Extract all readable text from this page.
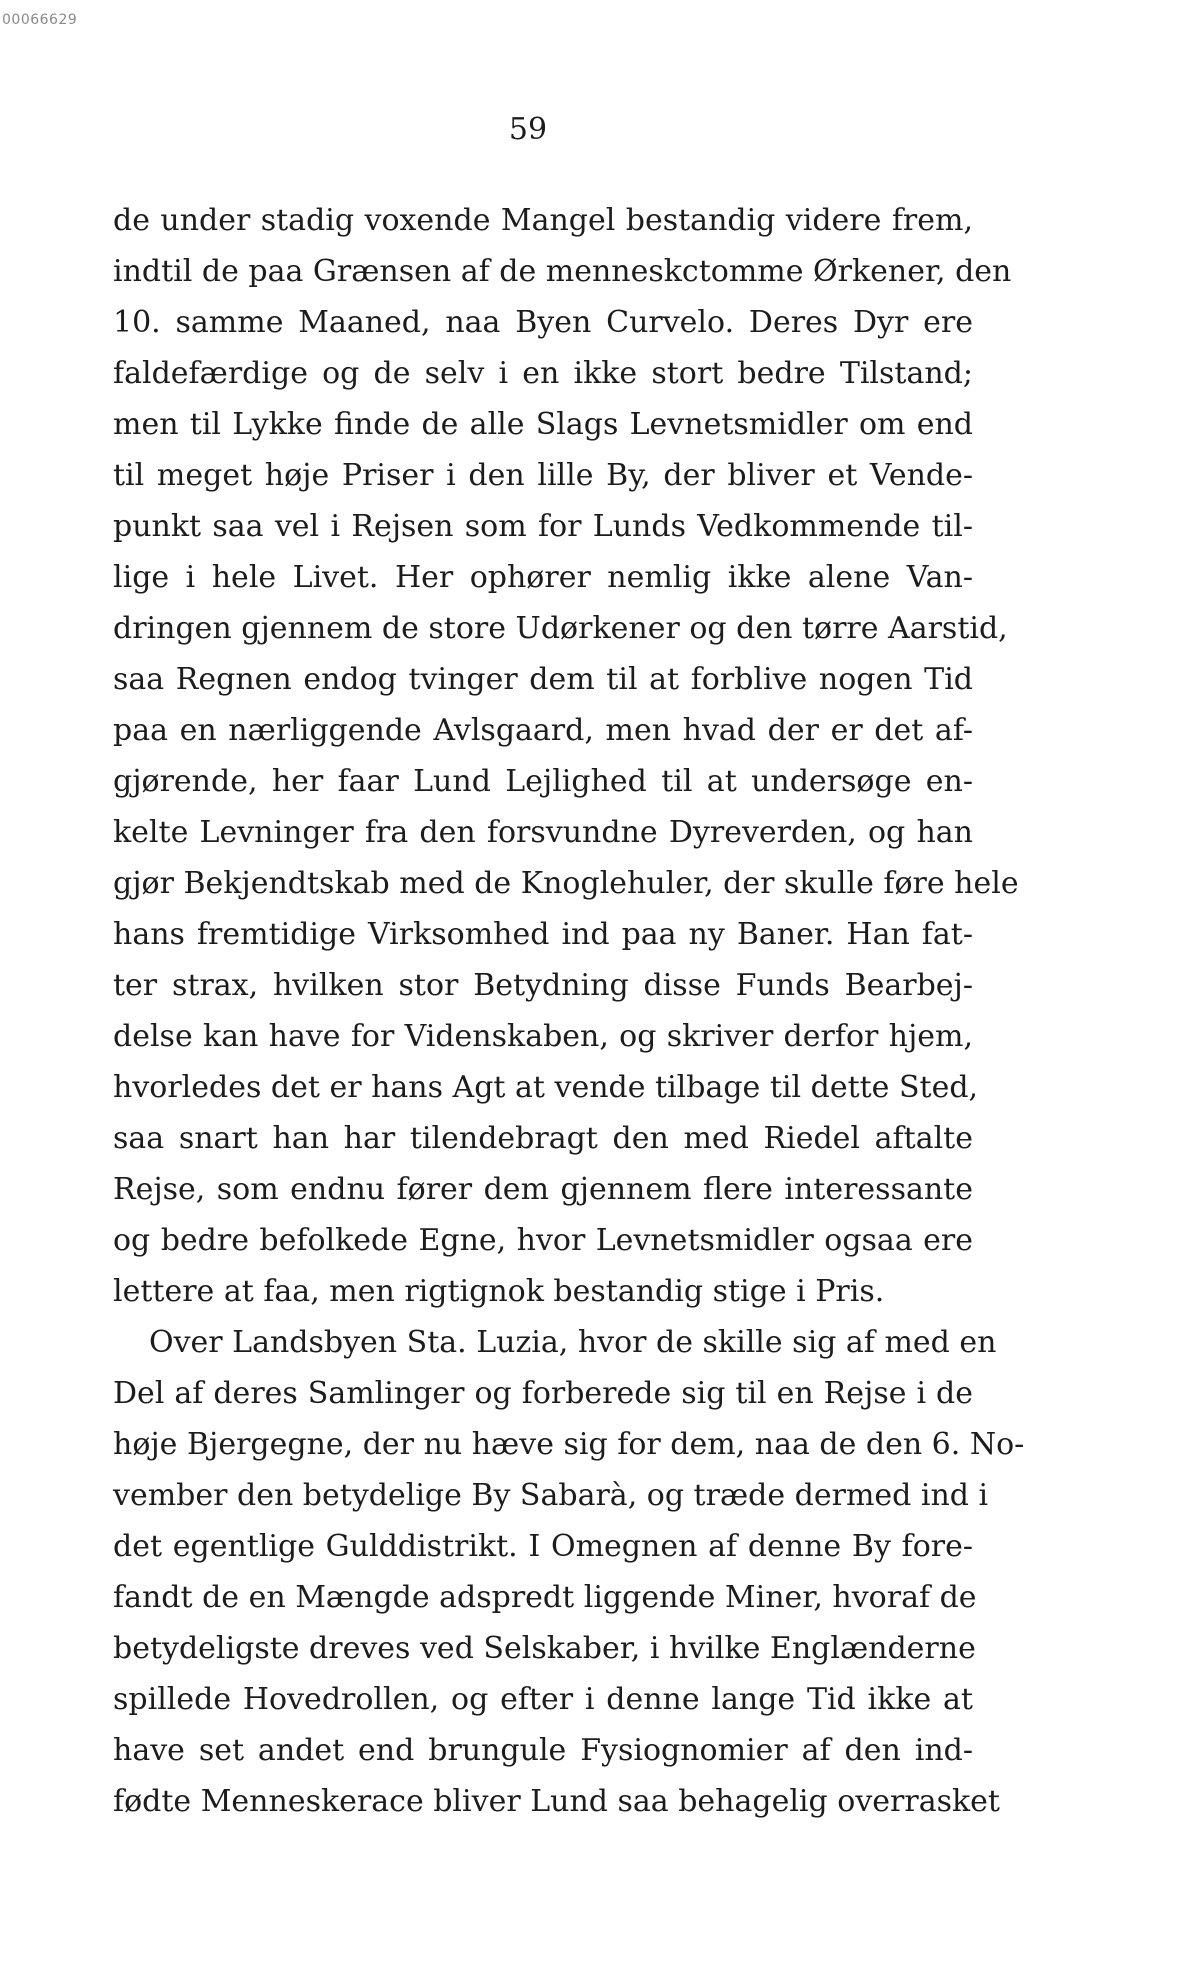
00066629
59
de under stadig voxende Mangel bestandig videre frem,
indtil de paa Grænsen af de menneskctomme Ørkener, den
10. samme Maaned, naa Byen Curvelo. Deres Dyr ere
faldefærdige og de selv i en ikke stort bedre Tilstand;
men til Lykke finde de alle Slags Levnetsmidler om end
til meget høje Priser i den lille By, der bliver et Vende-
punkt saa vel i Rejsen som for Lunds Vedkommende til-
lige i hele Livet. Her ophører nemlig ikke alene Van-
dringen gjennem de store Udørkener og den tørre Aarstid,
saa Regnen endog tvinger dem til at forblive nogen Tid
paa en nærliggende Avlsgaard, men hvad der er det af-
gjørende, her faar Lund Lejlighed til at undersøge en-
kelte Levninger fra den forsvundne Dyreverden, og han
gjør Bekjendtskab med de Knoglehuler, der skulle føre hele
hans fremtidige Virksomhed ind paa ny Baner. Han fat-
ter strax, hvilken stor Betydning disse Funds Bearbej-
delse kan have for Videnskaben, og skriver derfor hjem,
hvorledes det er hans Agt at vende tilbage til dette Sted,
saa snart han har tilendebragt den med Riedel aftalte
Rejse, som endnu fører dem gjennem flere interessante
og bedre befolkede Egne, hvor Levnetsmidler ogsaa ere
lettere at faa, men rigtignok bestandig stige i Pris.
Over Landsbyen Sta. Luzia, hvor de skille sig af med en
Del af deres Samlinger og forberede sig til en Rejse i de
høje Bjergegne, der nu hæve sig for dem, naa de den 6. No-
vember den betydelige By Sabarà, og træde dermed ind i
det egentlige Gulddistrikt. I Omegnen af denne By fore-
fandt de en Mængde adspredt liggende Miner, hvoraf de
betydeligste dreves ved Selskaber, i hvilke Englænderne
spillede Hovedrollen, og efter i denne lange Tid ikke at
have set andet end brungule Fysiognomier af den ind-
fødte Menneskerace bliver Lund saa behagelig overrasket
